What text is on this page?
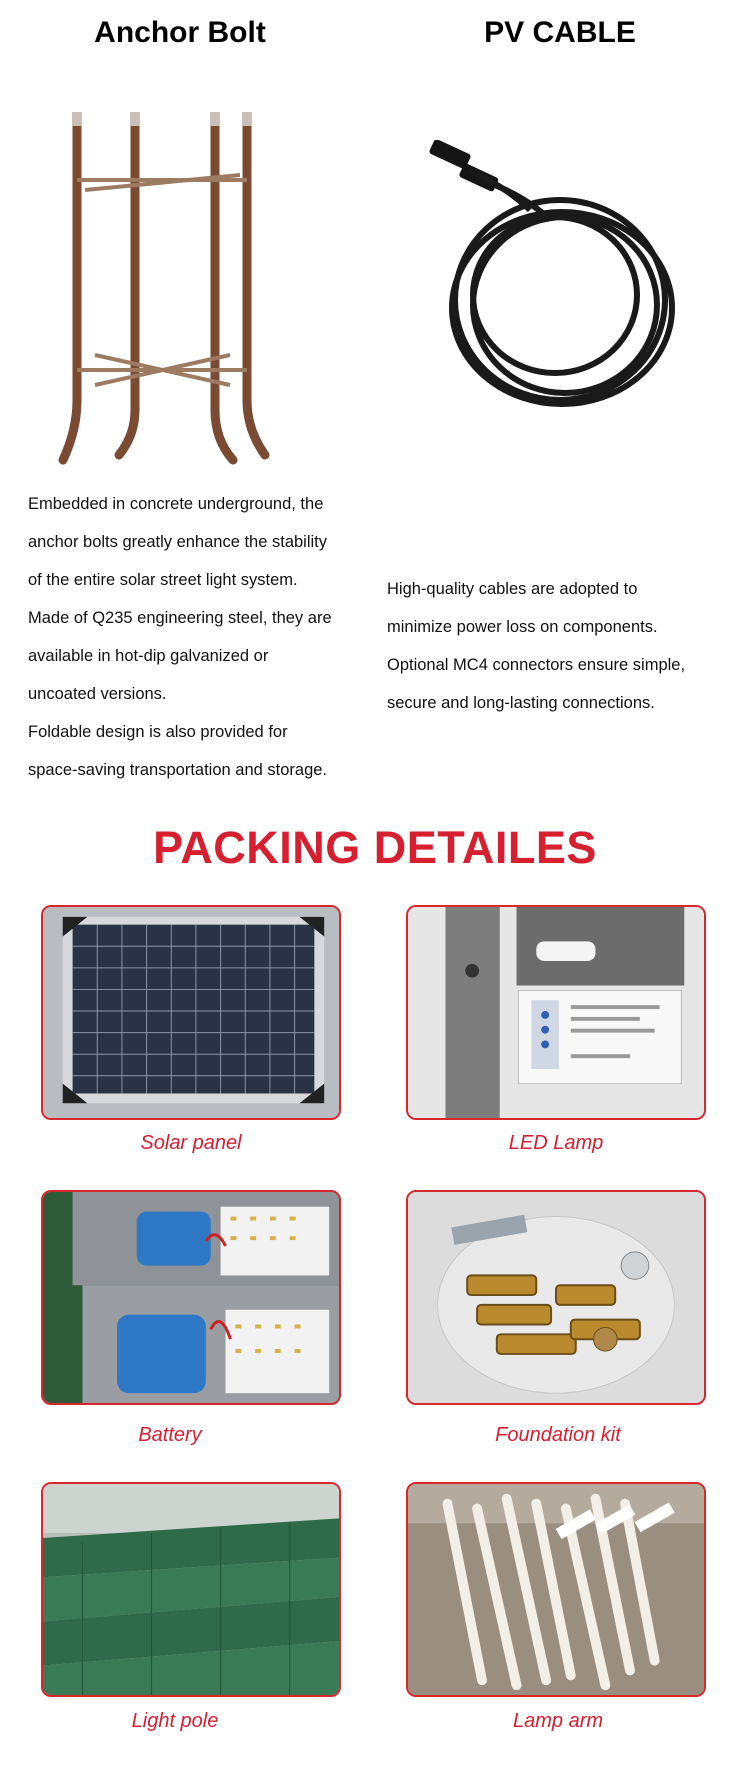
Anchor Bolt	PV CABLE

Embedded in concrete underground, the

anchor bolts greatly enhance the stability

of the entire solar street light system.

Made of Q235 engineering steel, they are

available in hot-dip galvanized or

uncoated versions.

Foldable design is also provided for

space-saving transportation and storage.

High-quality cables are adopted to

minimize power loss on components.

Optional MC4 connectors ensure simple,

secure and long-lasting connections.

PACKING DETAILES
Solar panel	LED Lamp
Battery	Foundation kit
Light pole	Lamp arm
